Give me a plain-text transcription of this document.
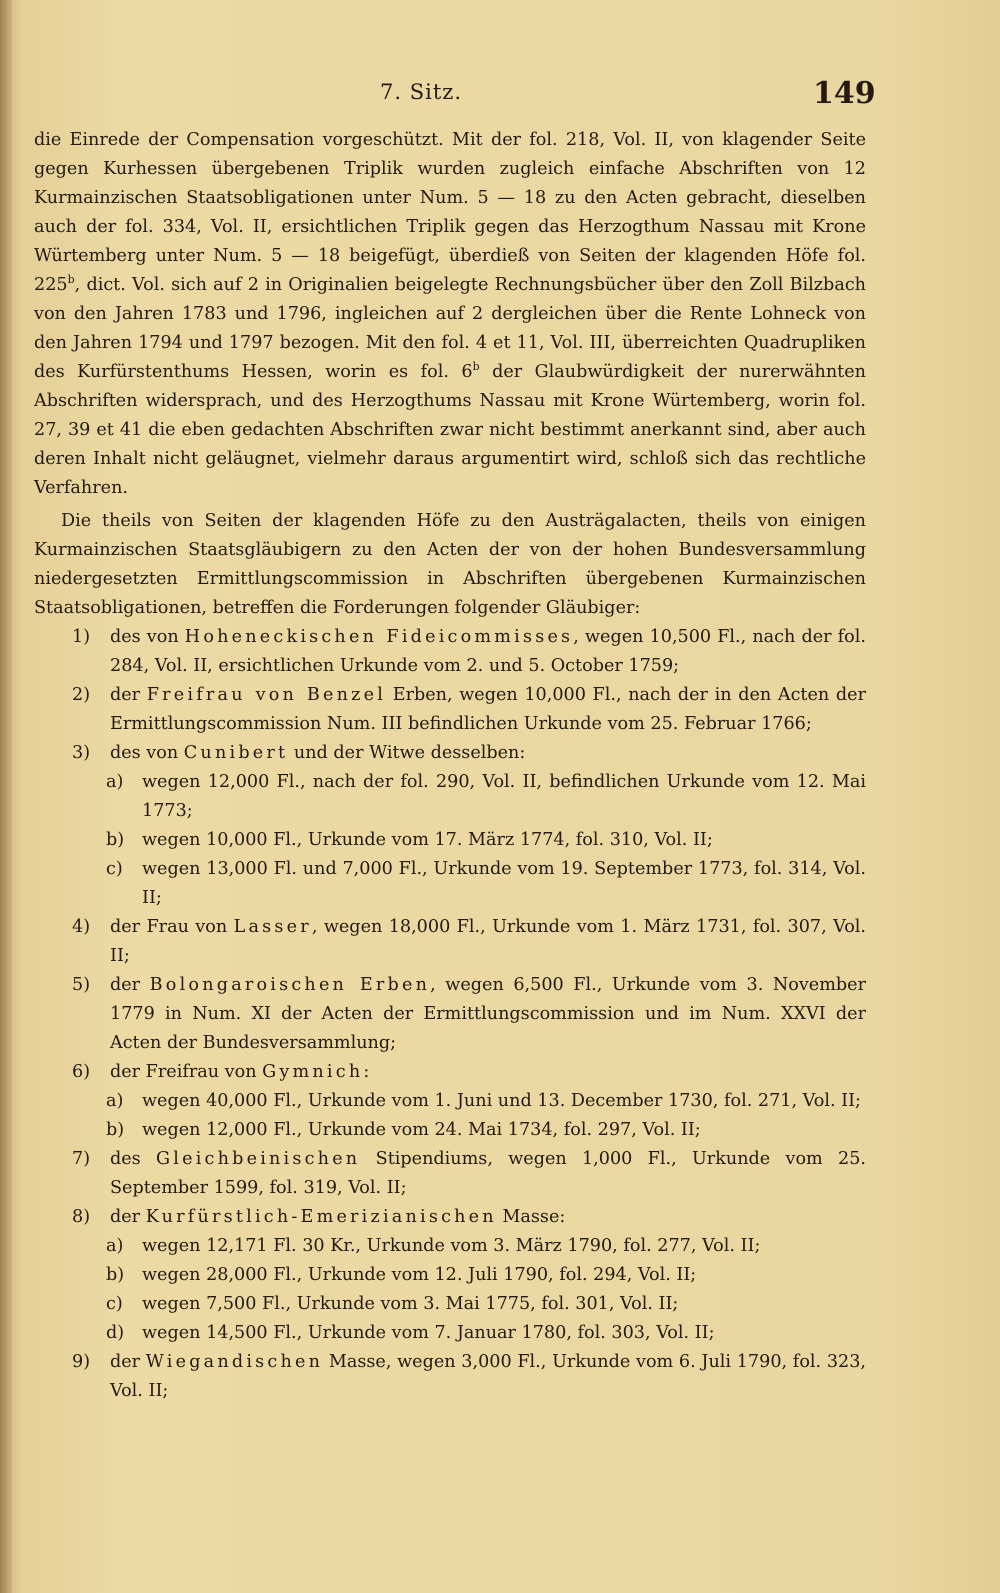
7. Sitz.	149

die Einrede der Compensation vorgeschützt. Mit der fol. 218, Vol. II, von klagender Seite gegen Kurhessen übergebenen Triplik wurden zugleich einfache Abschriften von 12 Kurmainzischen Staatsobligationen unter Num. 5 — 18 zu den Acten gebracht, dieselben auch der fol. 334, Vol. II, ersichtlichen Triplik gegen das Herzogthum Nassau mit Krone Würtemberg unter Num. 5 — 18 beigefügt, überdieß von Seiten der klagenden Höfe fol. 225$^b$, dict. Vol. sich auf 2 in Originalien beigelegte Rechnungsbücher über den Zoll Bilzbach von den Jahren 1783 und 1796, ingleichen auf 2 dergleichen über die Rente Lohneck von den Jahren 1794 und 1797 bezogen. Mit den fol. 4 et 11, Vol. III, überreichten Quadrupliken des Kurfürstenthums Hessen, worin es fol. 6$^b$ der Glaubwürdigkeit der nurerwähnten Abschriften widersprach, und des Herzogthums Nassau mit Krone Würtemberg, worin fol. 27, 39 et 41 die eben gedachten Abschriften zwar nicht bestimmt anerkannt sind, aber auch deren Inhalt nicht geläugnet, vielmehr daraus argumentirt wird, schloß sich das rechtliche Verfahren.

Die theils von Seiten der klagenden Höfe zu den Austrägalacten, theils von einigen Kurmainzischen Staatsgläubigern zu den Acten der von der hohen Bundesversammlung niedergesetzten Ermittlungscommission in Abschriften übergebenen Kurmainzischen Staatsobligationen, betreffen die Forderungen folgender Gläubiger:

1) des von Hoheneckischen Fideicommisses, wegen 10,500 Fl., nach der fol. 284, Vol. II, ersichtlichen Urkunde vom 2. und 5. October 1759;

2) der Freifrau von Benzel Erben, wegen 10,000 Fl., nach der in den Acten der Ermittlungscommission Num. III befindlichen Urkunde vom 25. Februar 1766;

3) des von Cunibert und der Witwe desselben:

a) wegen 12,000 Fl., nach der fol. 290, Vol. II, befindlichen Urkunde vom 12. Mai 1773;

b) wegen 10,000 Fl., Urkunde vom 17. März 1774, fol. 310, Vol. II;

c) wegen 13,000 Fl. und 7,000 Fl., Urkunde vom 19. September 1773, fol. 314, Vol. II;

4) der Frau von Lasser, wegen 18,000 Fl., Urkunde vom 1. März 1731, fol. 307, Vol. II;

5) der Bolongaroischen Erben, wegen 6,500 Fl., Urkunde vom 3. November 1779 in Num. XI der Acten der Ermittlungscommission und im Num. XXVI der Acten der Bundesversammlung;

6) der Freifrau von Gymnich:

a) wegen 40,000 Fl., Urkunde vom 1. Juni und 13. December 1730, fol. 271, Vol. II;

b) wegen 12,000 Fl., Urkunde vom 24. Mai 1734, fol. 297, Vol. II;

7) des Gleichbeinischen Stipendiums, wegen 1,000 Fl., Urkunde vom 25. September 1599, fol. 319, Vol. II;

8) der Kurfürstlich-Emerizianischen Masse:

a) wegen 12,171 Fl. 30 Kr., Urkunde vom 3. März 1790, fol. 277, Vol. II;

b) wegen 28,000 Fl., Urkunde vom 12. Juli 1790, fol. 294, Vol. II;

c) wegen 7,500 Fl., Urkunde vom 3. Mai 1775, fol. 301, Vol. II;

d) wegen 14,500 Fl., Urkunde vom 7. Januar 1780, fol. 303, Vol. II;

9) der Wiegandischen Masse, wegen 3,000 Fl., Urkunde vom 6. Juli 1790, fol. 323, Vol. II;
